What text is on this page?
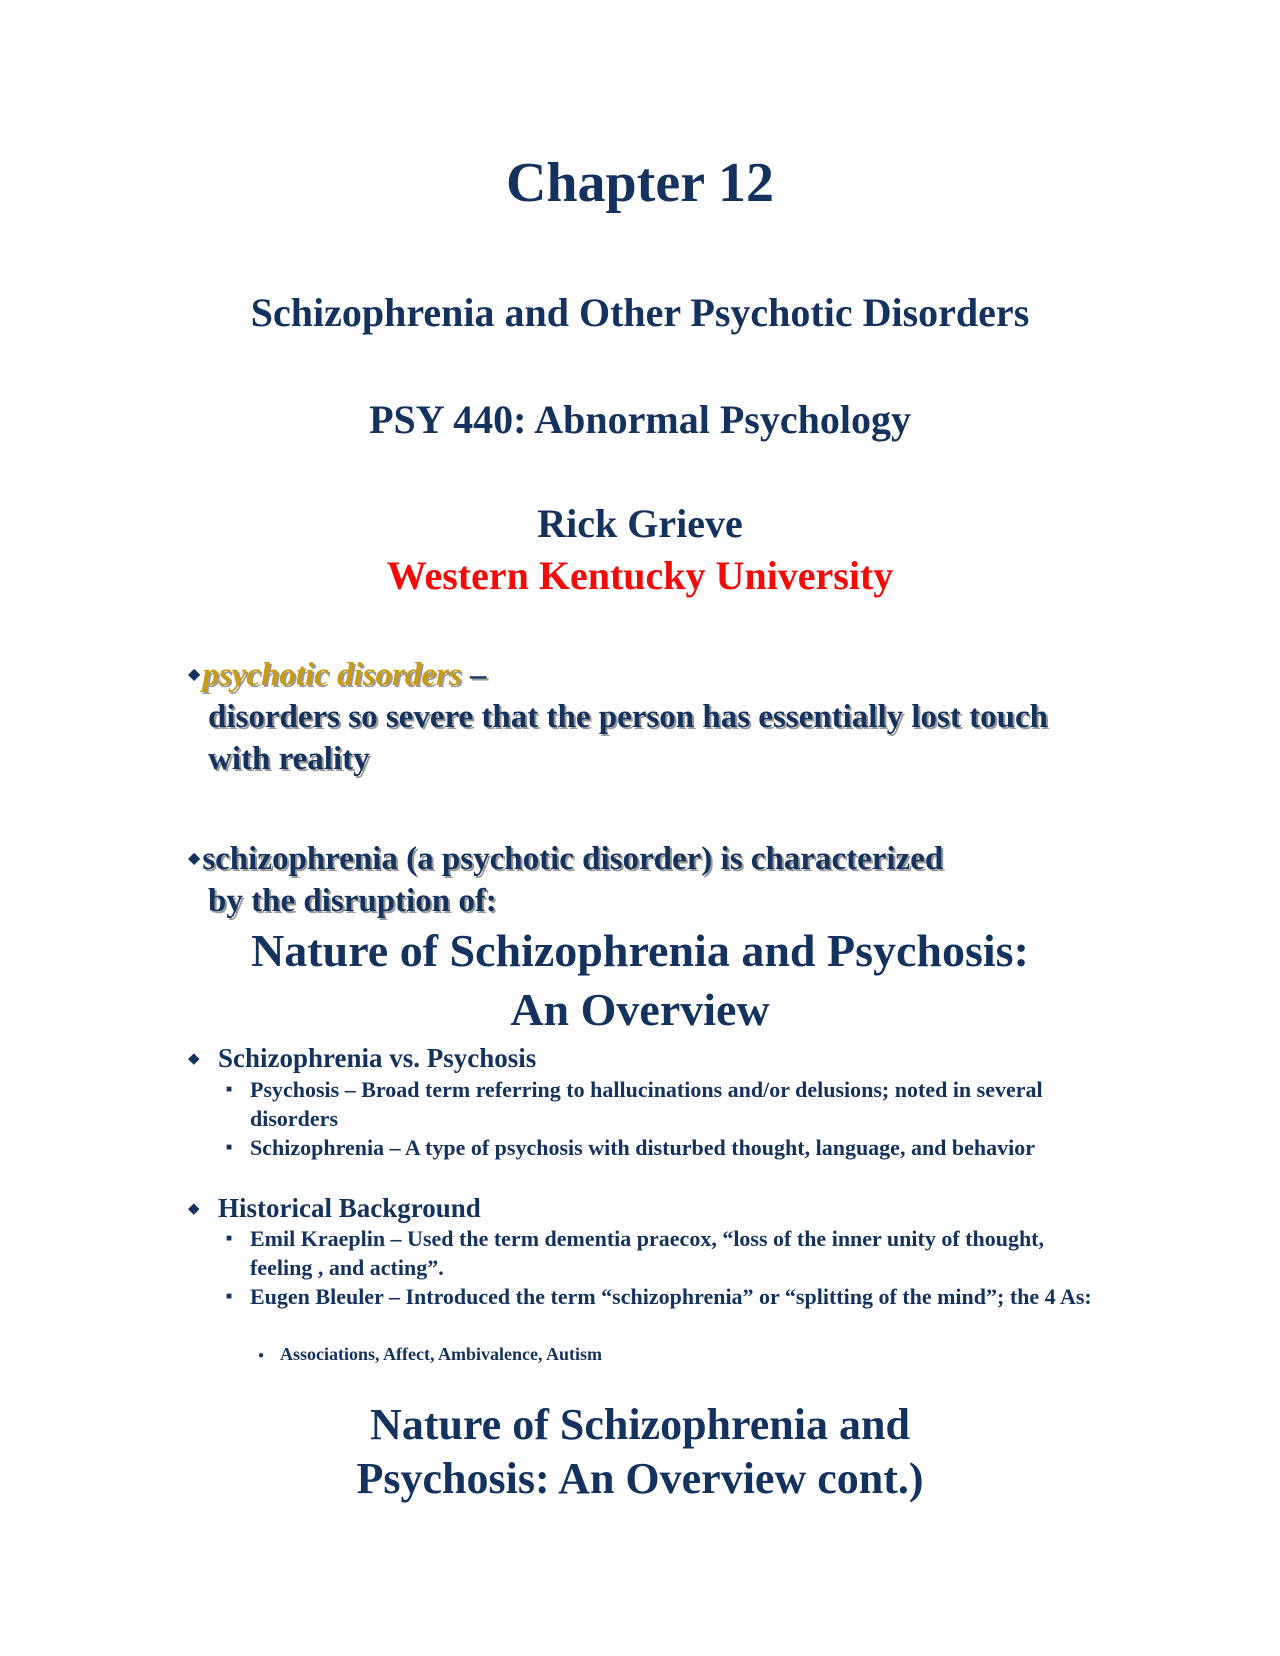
Chapter 12
Schizophrenia and Other Psychotic Disorders
PSY 440: Abnormal Psychology
Rick Grieve
Western Kentucky University
◆psychotic disorders –
disorders so severe that the person has essentially lost touch with reality
◆schizophrenia (a psychotic disorder) is characterized
by the disruption of:
Nature of Schizophrenia and Psychosis:
An Overview
◆ Schizophrenia vs. Psychosis
■ Psychosis – Broad term referring to hallucinations and/or delusions; noted in several disorders
■ Schizophrenia – A type of psychosis with disturbed thought, language, and behavior
◆ Historical Background
■ Emil Kraeplin – Used the term dementia praecox, “loss of the inner unity of thought, feeling , and acting”.
■ Eugen Bleuler – Introduced the term “schizophrenia” or “splitting of the mind”; the 4 As:
● Associations, Affect, Ambivalence, Autism
Nature of Schizophrenia and
Psychosis: An Overview cont.)
